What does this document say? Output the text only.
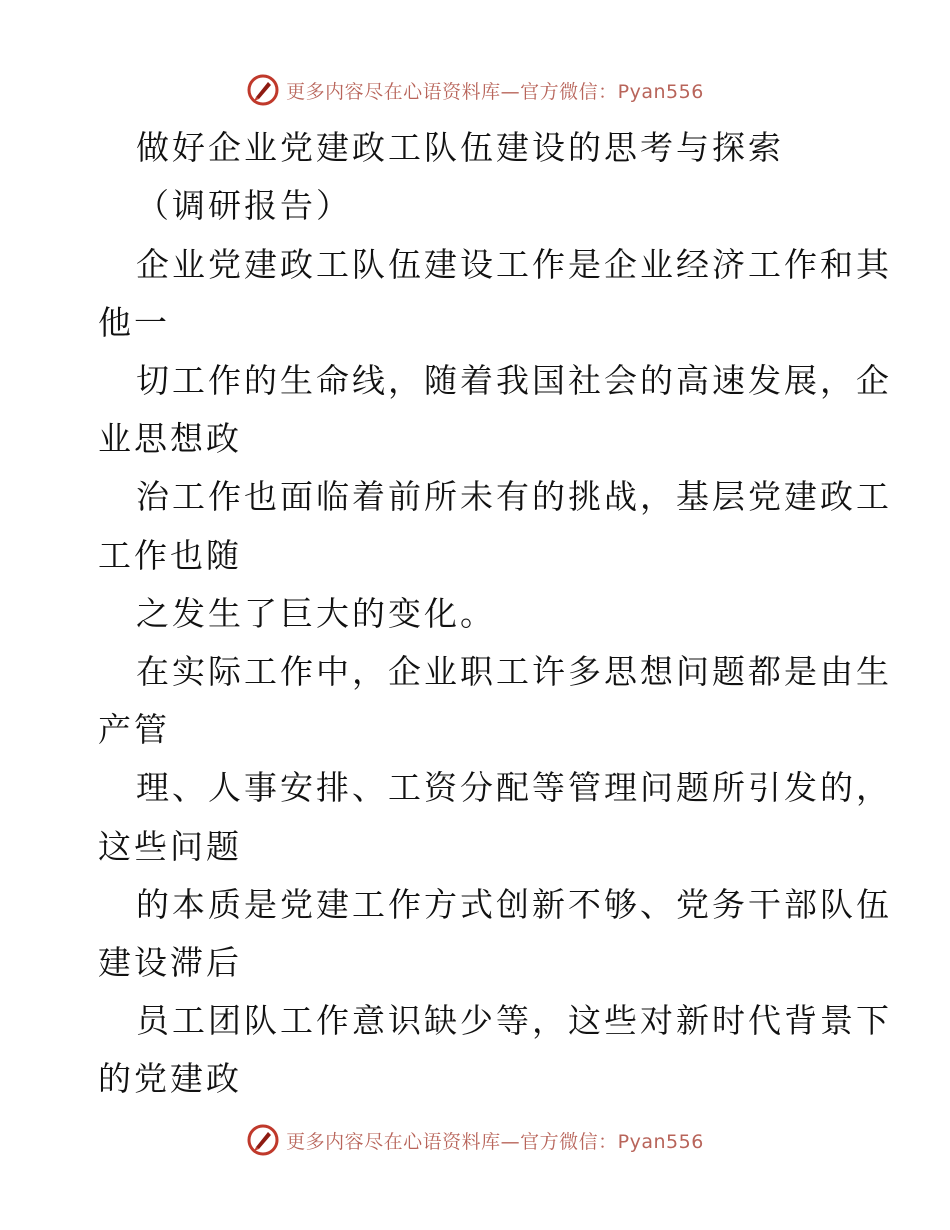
更多内容尽在心语资料库—官方微信：Pyan556
做好企业党建政工队伍建设的思考与探索
（调研报告）
企业党建政工队伍建设工作是企业经济工作和其
他一
切工作的生命线，随着我国社会的高速发展，企
业思想政
治工作也面临着前所未有的挑战，基层党建政工
工作也随
之发生了巨大的变化。
在实际工作中，企业职工许多思想问题都是由生
产管
理、人事安排、工资分配等管理问题所引发的，
这些问题
的本质是党建工作方式创新不够、党务干部队伍
建设滞后
员工团队工作意识缺少等，这些对新时代背景下
的党建政
更多内容尽在心语资料库—官方微信：Pyan556
